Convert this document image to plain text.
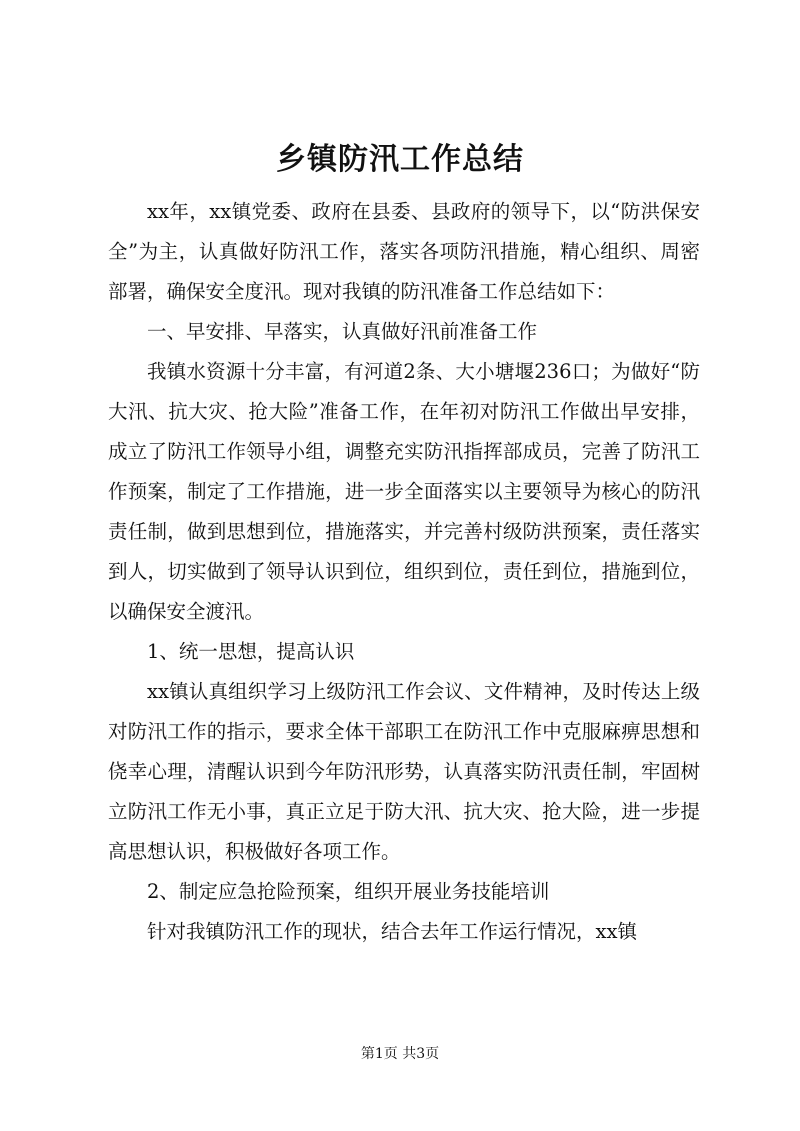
乡镇防汛工作总结

xx年，xx镇党委、政府在县委、县政府的领导下，以“防洪保安全”为主，认真做好防汛工作，落实各项防汛措施，精心组织、周密部署，确保安全度汛。现对我镇的防汛准备工作总结如下：

一、早安排、早落实，认真做好汛前准备工作

我镇水资源十分丰富，有河道2条、大小塘堰236口；为做好“防大汛、抗大灾、抢大险”准备工作，在年初对防汛工作做出早安排，成立了防汛工作领导小组，调整充实防汛指挥部成员，完善了防汛工作预案，制定了工作措施，进一步全面落实以主要领导为核心的防汛责任制，做到思想到位，措施落实，并完善村级防洪预案，责任落实到人，切实做到了领导认识到位，组织到位，责任到位，措施到位，以确保安全渡汛。

1、统一思想，提高认识

xx镇认真组织学习上级防汛工作会议、文件精神，及时传达上级对防汛工作的指示，要求全体干部职工在防汛工作中克服麻痹思想和侥幸心理，清醒认识到今年防汛形势，认真落实防汛责任制，牢固树立防汛工作无小事，真正立足于防大汛、抗大灾、抢大险，进一步提高思想认识，积极做好各项工作。

2、制定应急抢险预案，组织开展业务技能培训

针对我镇防汛工作的现状，结合去年工作运行情况，xx镇

第1页 共3页
